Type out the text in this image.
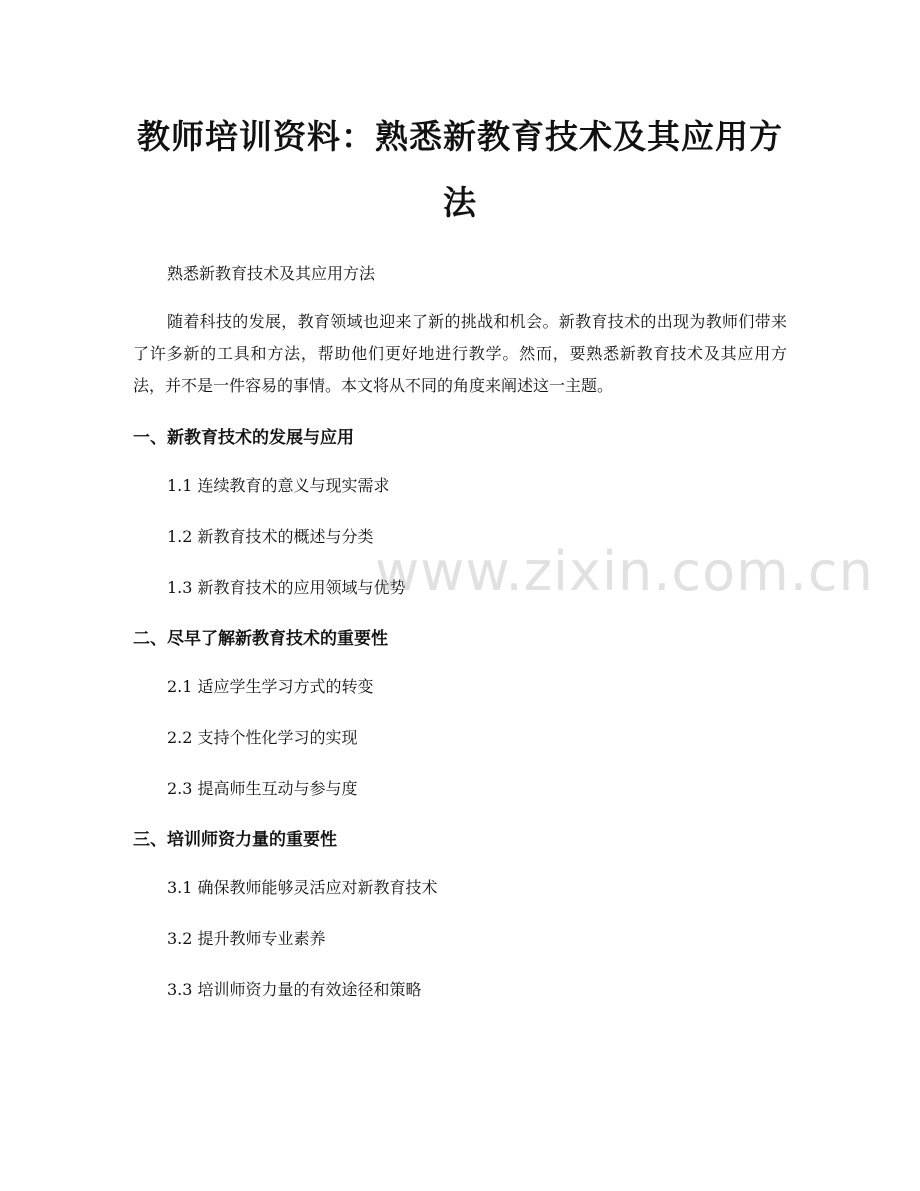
教师培训资料：熟悉新教育技术及其应用方法

熟悉新教育技术及其应用方法

随着科技的发展，教育领域也迎来了新的挑战和机会。新教育技术的出现为教师们带来了许多新的工具和方法，帮助他们更好地进行教学。然而，要熟悉新教育技术及其应用方法，并不是一件容易的事情。本文将从不同的角度来阐述这一主题。

一、新教育技术的发展与应用
1.1 连续教育的意义与现实需求
1.2 新教育技术的概述与分类
1.3 新教育技术的应用领域与优势
二、尽早了解新教育技术的重要性
2.1 适应学生学习方式的转变
2.2 支持个性化学习的实现
2.3 提高师生互动与参与度
三、培训师资力量的重要性
3.1 确保教师能够灵活应对新教育技术
3.2 提升教师专业素养
3.3 培训师资力量的有效途径和策略
www.zixin.com.cn
